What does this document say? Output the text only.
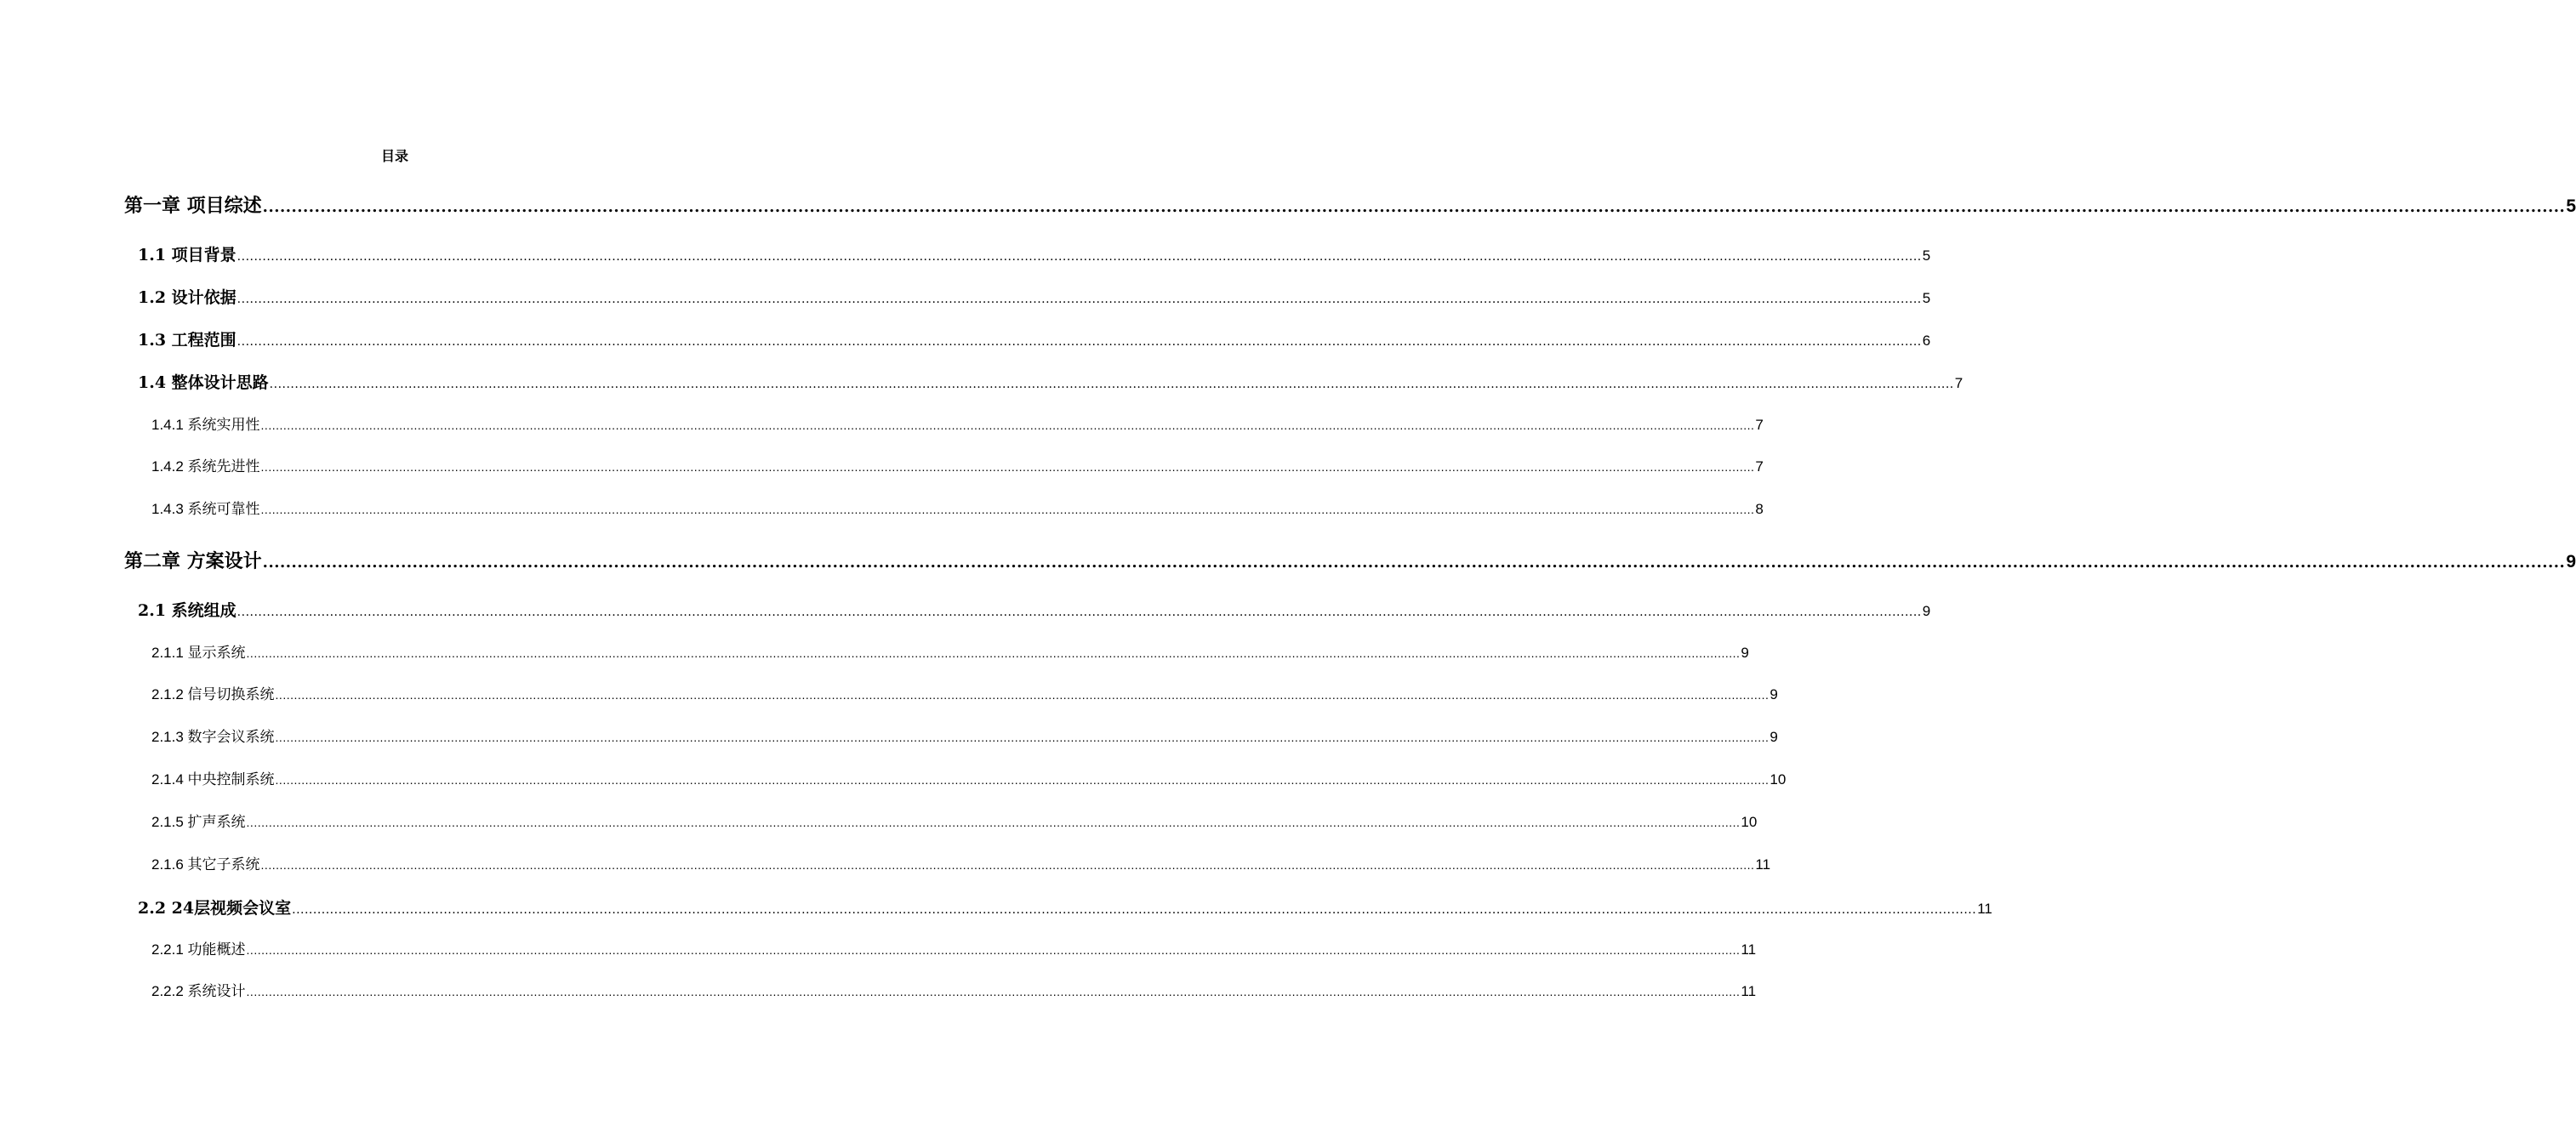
目录
第一章 项目综述 ................................................................................................................................................................................................................................................................................................................................................................................................................ 5
1.1 项目背景 ................................................................................................................................................................................................................................................................................................................................................................................................................ 5
1.2 设计依据 ................................................................................................................................................................................................................................................................................................................................................................................................................ 5
1.3 工程范围 ................................................................................................................................................................................................................................................................................................................................................................................................................ 6
1.4 整体设计思路 ................................................................................................................................................................................................................................................................................................................................................................................................................ 7
1.4.1 系统实用性 ................................................................................................................................................................................................................................................................................................................................................................................................................ 7
1.4.2 系统先进性 ................................................................................................................................................................................................................................................................................................................................................................................................................ 7
1.4.3 系统可靠性 ................................................................................................................................................................................................................................................................................................................................................................................................................ 8
第二章 方案设计 ................................................................................................................................................................................................................................................................................................................................................................................................................ 9
2.1 系统组成 ................................................................................................................................................................................................................................................................................................................................................................................................................ 9
2.1.1 显示系统 ................................................................................................................................................................................................................................................................................................................................................................................................................ 9
2.1.2 信号切换系统 ................................................................................................................................................................................................................................................................................................................................................................................................................ 9
2.1.3 数字会议系统 ................................................................................................................................................................................................................................................................................................................................................................................................................ 9
2.1.4 中央控制系统 ................................................................................................................................................................................................................................................................................................................................................................................................................ 10
2.1.5 扩声系统 ................................................................................................................................................................................................................................................................................................................................................................................................................ 10
2.1.6 其它子系统 ................................................................................................................................................................................................................................................................................................................................................................................................................ 11
2.2 24层视频会议室 ................................................................................................................................................................................................................................................................................................................................................................................................................ 11
2.2.1 功能概述 ................................................................................................................................................................................................................................................................................................................................................................................................................ 11
2.2.2 系统设计 ................................................................................................................................................................................................................................................................................................................................................................................................................ 11
